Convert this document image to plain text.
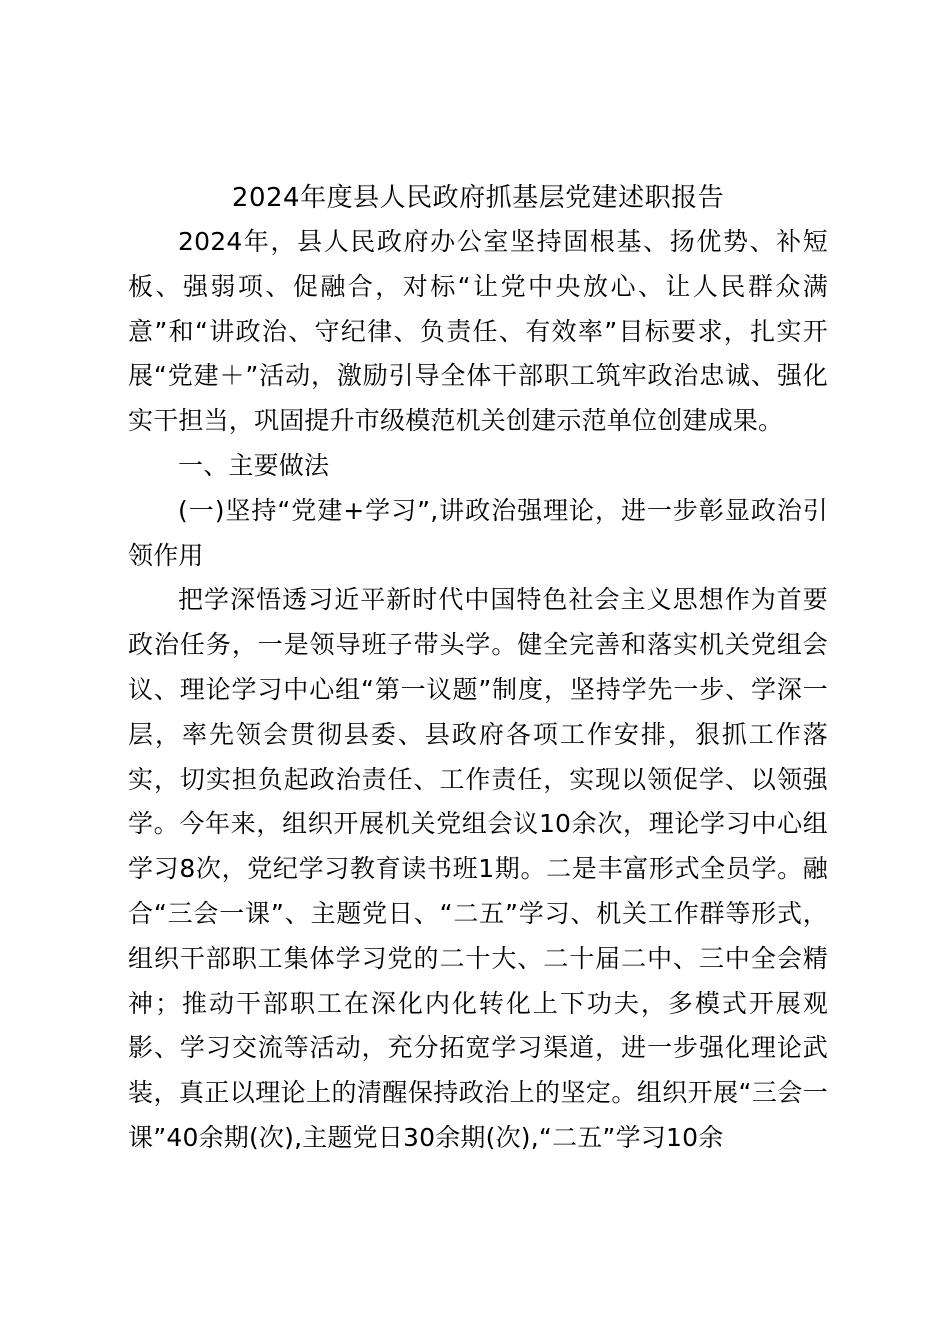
2024年度县人民政府抓基层党建述职报告

2024年，县人民政府办公室坚持固根基、扬优势、补短板、强弱项、促融合，对标“让党中央放心、让人民群众满意”和“讲政治、守纪律、负责任、有效率”目标要求，扎实开展“党建＋”活动，激励引导全体干部职工筑牢政治忠诚、强化实干担当，巩固提升市级模范机关创建示范单位创建成果。

一、主要做法

(一)坚持“党建+学习”,讲政治强理论，进一步彰显政治引领作用

把学深悟透习近平新时代中国特色社会主义思想作为首要政治任务，一是领导班子带头学。健全完善和落实机关党组会议、理论学习中心组“第一议题”制度，坚持学先一步、学深一层，率先领会贯彻县委、县政府各项工作安排，狠抓工作落实，切实担负起政治责任、工作责任，实现以领促学、以领强学。今年来，组织开展机关党组会议10余次，理论学习中心组学习8次，党纪学习教育读书班1期。二是丰富形式全员学。融合“三会一课”、主题党日、“二五”学习、机关工作群等形式，组织干部职工集体学习党的二十大、二十届二中、三中全会精神；推动干部职工在深化内化转化上下功夫，多模式开展观影、学习交流等活动，充分拓宽学习渠道，进一步强化理论武装，真正以理论上的清醒保持政治上的坚定。组织开展“三会一课”40余期(次),主题党日30余期(次),“二五”学习10余
